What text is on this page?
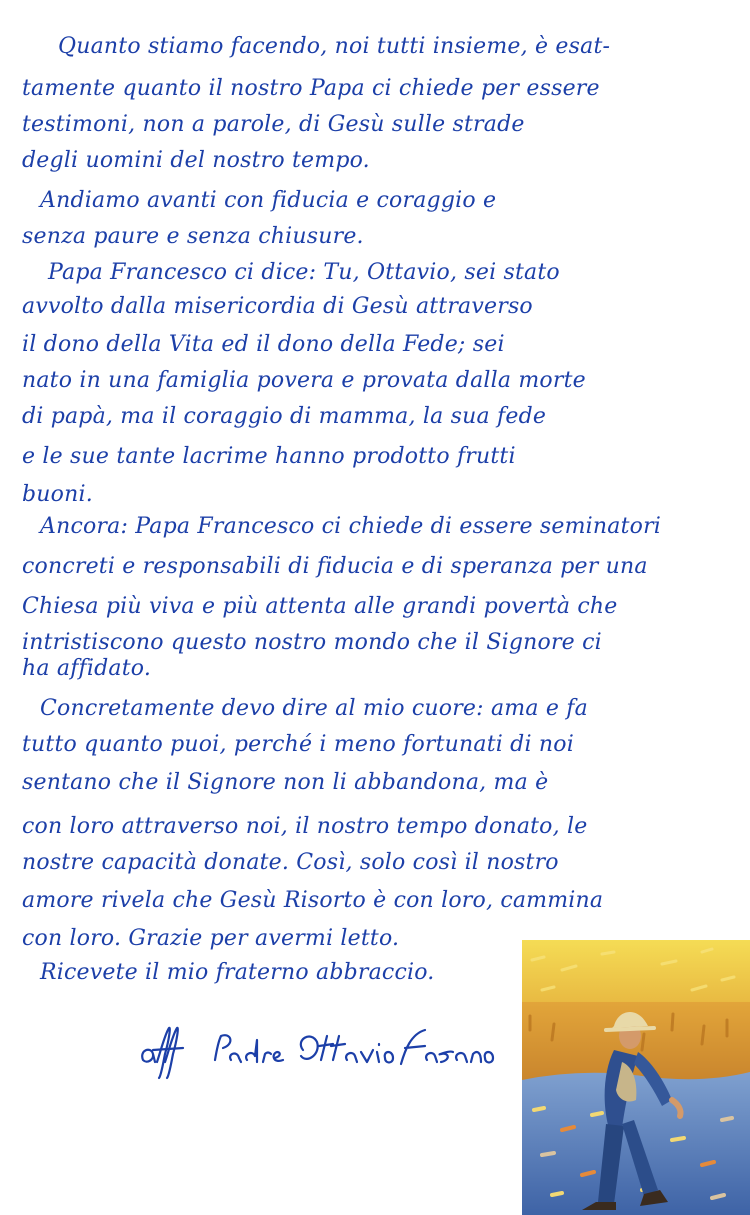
Quanto stiamo facendo, noi tutti insieme, è esat-
tamente quanto il nostro Papa ci chiede per essere
testimoni, non a parole, di Gesù sulle strade
degli uomini del nostro tempo.
Andiamo avanti con fiducia e coraggio e
senza paure e senza chiusure.
Papa Francesco ci dice: Tu, Ottavio, sei stato
avvolto dalla misericordia di Gesù attraverso
il dono della Vita ed il dono della Fede; sei
nato in una famiglia povera e provata dalla morte
di papà, ma il coraggio di mamma, la sua fede
e le sue tante lacrime hanno prodotto frutti
buoni.
Ancora: Papa Francesco ci chiede di essere seminatori
concreti e responsabili di fiducia e di speranza per una
Chiesa più viva e più attenta alle grandi povertà che
intristiscono questo nostro mondo che il Signore ci
ha affidato.
Concretamente devo dire al mio cuore: ama e fa
tutto quanto puoi, perché i meno fortunati di noi
sentano che il Signore non li abbandona, ma è
con loro attraverso noi, il nostro tempo donato, le
nostre capacità donate. Così, solo così il nostro
amore rivela che Gesù Risorto è con loro, cammina
con loro. Grazie per avermi letto.
Ricevete il mio fraterno abbraccio.
